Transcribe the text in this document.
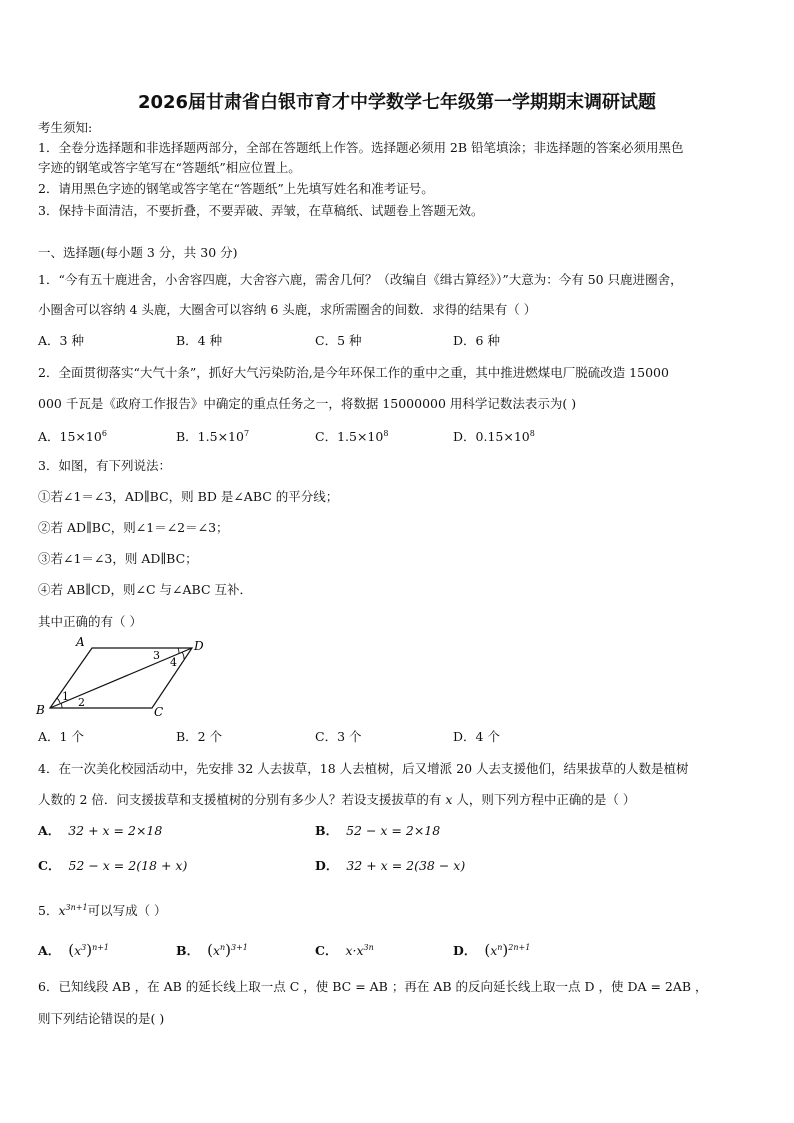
2026届甘肃省白银市育才中学数学七年级第一学期期末调研试题
考生须知:
1．全卷分选择题和非选择题两部分，全部在答题纸上作答。选择题必须用 2B 铅笔填涂；非选择题的答案必须用黑色
字迹的钢笔或答字笔写在“答题纸”相应位置上。
2．请用黑色字迹的钢笔或答字笔在“答题纸”上先填写姓名和准考证号。
3．保持卡面清洁，不要折叠，不要弄破、弄皱，在草稿纸、试题卷上答题无效。
一、选择题(每小题 3 分，共 30 分)
1．“今有五十鹿进舍，小舍容四鹿，大舍容六鹿，需舍几何？（改编自《缉古算经》）”大意为：今有 50 只鹿进圈舍，
小圈舍可以容纳 4 头鹿，大圈舍可以容纳 6 头鹿，求所需圈舍的间数．求得的结果有（ ）
A．3 种	B．4 种	C．5 种	D．6 种
2．全面贯彻落实“大气十条”，抓好大气污染防治,是今年环保工作的重中之重，其中推进燃煤电厂脱硫改造 15000
000 千瓦是《政府工作报告》中确定的重点任务之一，将数据 15000000 用科学记数法表示为( )
A．$15\times 10^6$	B．$1.5\times 10^7$	C．$1.5\times 10^8$	D．$0.15\times 10^8$
3．如图，有下列说法：
①若∠1＝∠3，AD∥BC，则 BD 是∠ABC 的平分线；
②若 AD∥BC，则∠1＝∠2＝∠3；
③若∠1＝∠3，则 AD∥BC；
④若 AB∥CD，则∠C 与∠ABC 互补．
其中正确的有（ ）
A	D
B	C
1 2
3
4
A．1 个	B．2 个	C．3 个	D．4 个
4．在一次美化校园活动中，先安排 32 人去拔草，18 人去植树，后又增派 20 人去支援他们，结果拔草的人数是植树
人数的 2 倍．问支援拔草和支援植树的分别有多少人？若设支援拔草的有 x 人，则下列方程中正确的是（ ）
A． 32 + x = 2×18	B． 52 − x = 2×18
C． 52 − x = 2(18 + x)	D． 32 + x = 2(38 − x)
5．$x^{3n+1}$可以写成（ ）
A． $(x^3)^{n+1}$	B． $(x^n)^{3+1}$	C． $x\cdot x^{3n}$	D． $(x^n)^{2n+1}$
6．已知线段 AB ，在 AB 的延长线上取一点 C ，使 BC = AB ；再在 AB 的反向延长线上取一点 D ，使 DA = 2AB ，
则下列结论错误的是( )
